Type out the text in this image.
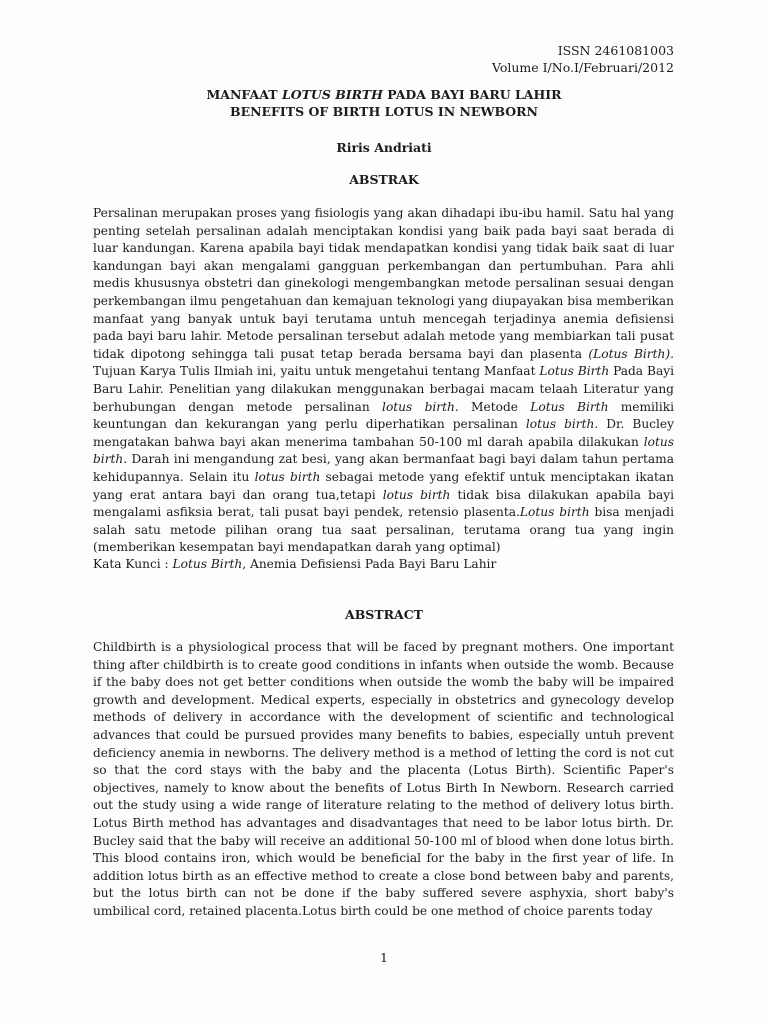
ISSN 2461081003
Volume I/No.I/Februari/2012
MANFAAT LOTUS BIRTH PADA BAYI BARU LAHIR
BENEFITS OF BIRTH LOTUS IN NEWBORN
Riris Andriati
ABSTRAK

Persalinan merupakan proses yang fisiologis yang akan dihadapi ibu-ibu hamil. Satu hal yang penting setelah persalinan adalah menciptakan kondisi yang baik pada bayi saat berada di luar kandungan. Karena apabila bayi tidak mendapatkan kondisi yang tidak baik saat di luar kandungan bayi akan mengalami gangguan perkembangan dan pertumbuhan. Para ahli medis khususnya obstetri dan ginekologi mengembangkan metode persalinan sesuai dengan perkembangan ilmu pengetahuan dan kemajuan teknologi yang diupayakan bisa memberikan manfaat yang banyak untuk bayi terutama untuh mencegah terjadinya anemia defisiensi pada bayi baru lahir. Metode persalinan tersebut adalah metode yang membiarkan tali pusat tidak dipotong sehingga tali pusat tetap berada bersama bayi dan plasenta (Lotus Birth). Tujuan Karya Tulis Ilmiah ini, yaitu untuk mengetahui tentang Manfaat Lotus Birth Pada Bayi Baru Lahir. Penelitian yang dilakukan menggunakan berbagai macam telaah Literatur yang berhubungan dengan metode persalinan lotus birth. Metode Lotus Birth memiliki keuntungan dan kekurangan yang perlu diperhatikan persalinan lotus birth. Dr. Bucley mengatakan bahwa bayi akan menerima tambahan 50-100 ml darah apabila dilakukan lotus birth. Darah ini mengandung zat besi, yang akan bermanfaat bagi bayi dalam tahun pertama kehidupannya. Selain itu lotus birth sebagai metode yang efektif untuk menciptakan ikatan yang erat antara bayi dan orang tua,tetapi lotus birth tidak bisa dilakukan apabila bayi mengalami asfiksia berat, tali pusat bayi pendek, retensio plasenta.Lotus birth bisa menjadi salah satu metode pilihan orang tua saat persalinan, terutama orang tua yang ingin (memberikan kesempatan bayi mendapatkan darah yang optimal)

Kata Kunci : Lotus Birth, Anemia Defisiensi Pada Bayi Baru Lahir
ABSTRACT

Childbirth is a physiological process that will be faced by pregnant mothers. One important thing after childbirth is to create good conditions in infants when outside the womb. Because if the baby does not get better conditions when outside the womb the baby will be impaired growth and development. Medical experts, especially in obstetrics and gynecology develop methods of delivery in accordance with the development of scientific and technological advances that could be pursued provides many benefits to babies, especially untuh prevent deficiency anemia in newborns. The delivery method is a method of letting the cord is not cut so that the cord stays with the baby and the placenta (Lotus Birth). Scientific Paper's objectives, namely to know about the benefits of Lotus Birth In Newborn. Research carried out the study using a wide range of literature relating to the method of delivery lotus birth. Lotus Birth method has advantages and disadvantages that need to be labor lotus birth. Dr. Bucley said that the baby will receive an additional 50-100 ml of blood when done lotus birth. This blood contains iron, which would be beneficial for the baby in the first year of life. In addition lotus birth as an effective method to create a close bond between baby and parents, but the lotus birth can not be done if the baby suffered severe asphyxia, short baby's umbilical cord, retained placenta.Lotus birth could be one method of choice parents today

1
